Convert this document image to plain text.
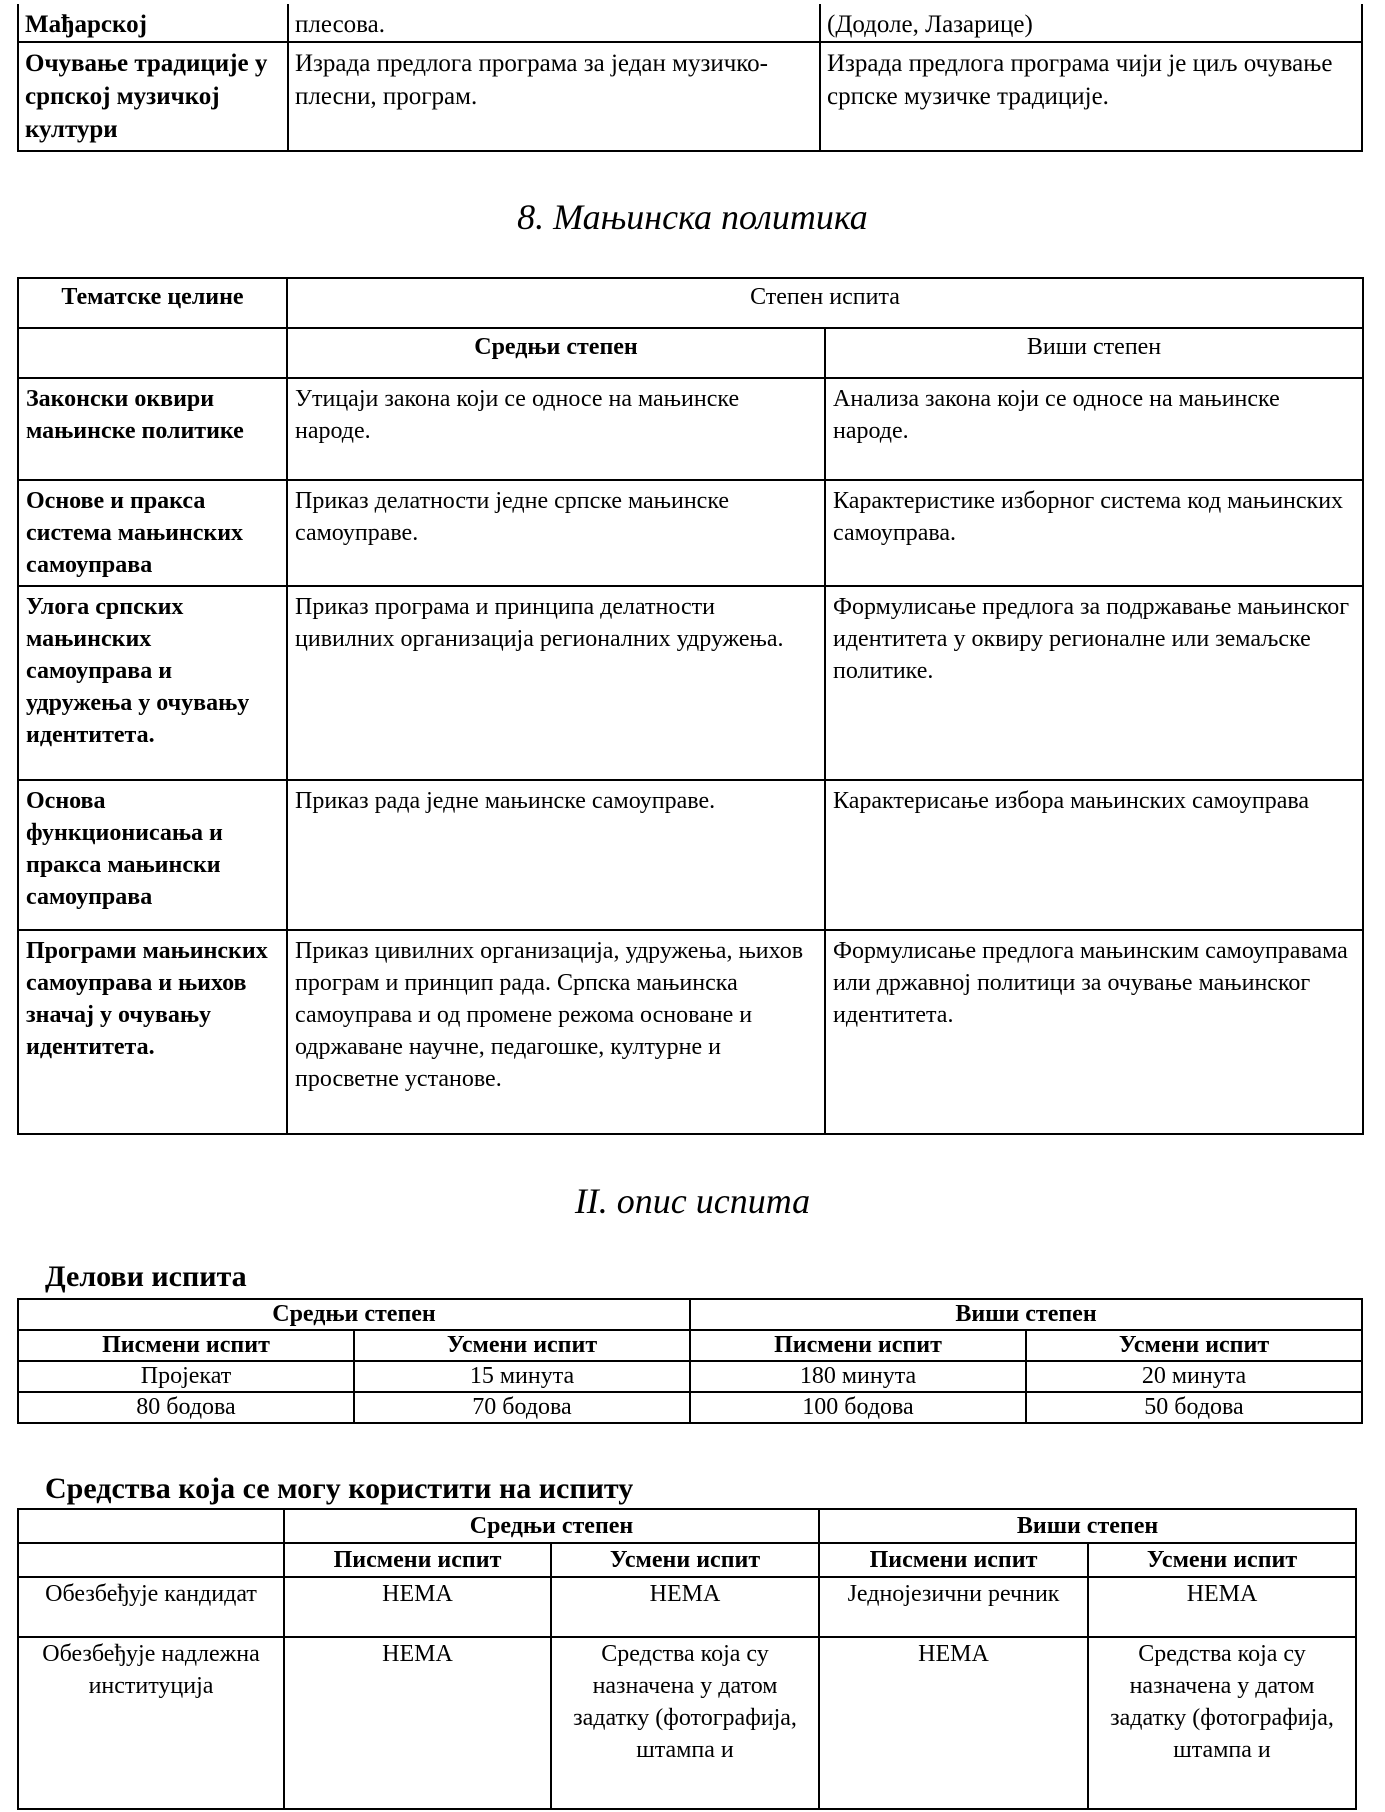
Мађарској	плесова.	(Додоле, Лазарице)
Очување традиције у српској музичкој култури	Израда предлога програма за један музичко-плесни, програм.	Израда предлога програма чији је циљ очување српске музичке традиције.
8. Мањинска политика
Тематске целине	Степен испита	
	Средњи степен	Виши степен
Законски оквири мањинске политике	Утицаји закона који се односе на мањинске народе.	Анализа закона који се односе на мањинске народе.
Основе и пракса система мањинских самоуправа	Приказ делатности једне српске мањинске самоуправе.	Карактеристике изборног система код мањинских самоуправа.
Улога српских мањинских самоуправа и удружења у очувању идентитета.	Приказ програма и принципа делатности цивилних организација регионалних удружења.	Формулисање предлога за подржавање мањинског идентитета у оквиру регионалне или земаљске политике.
Основа функционисања и пракса мањински самоуправа	Приказ рада једне мањинске самоуправе.	Карактерисање избора мањинских самоуправа
Програми мањинских самоуправа и њихов значај у очувању идентитета.	Приказ цивилних организација, удружења, њихов програм и принцип рада. Српска мањинска самоуправа и од промене режома основане и одржаване научне, педагошке, културне и просветне установе.	Формулисање предлога мањинским самоуправама или државној политици за очување мањинског идентитета.
II. опис испита
Делови испита
Средњи степен		Виши степен	
Писмени испит	Усмени испит	Писмени испит	Усмени испит
Пројекат	15 минута	180 минута	20 минута
80 бодова	70 бодова	100 бодова	50 бодова
Средства која се могу користити на испиту
	Средњи степен		Виши степен	
	Писмени испит	Усмени испит	Писмени испит	Усмени испит
Обезбеђује кандидат	НЕМА	НЕМА	Једнојезични речник	НЕМА
Обезбеђује надлежна институција	НЕМА	Средства која су назначена у датом задатку (фотографија, штампа и	НЕМА	Средства која су назначена у датом задатку (фотографија, штампа и
